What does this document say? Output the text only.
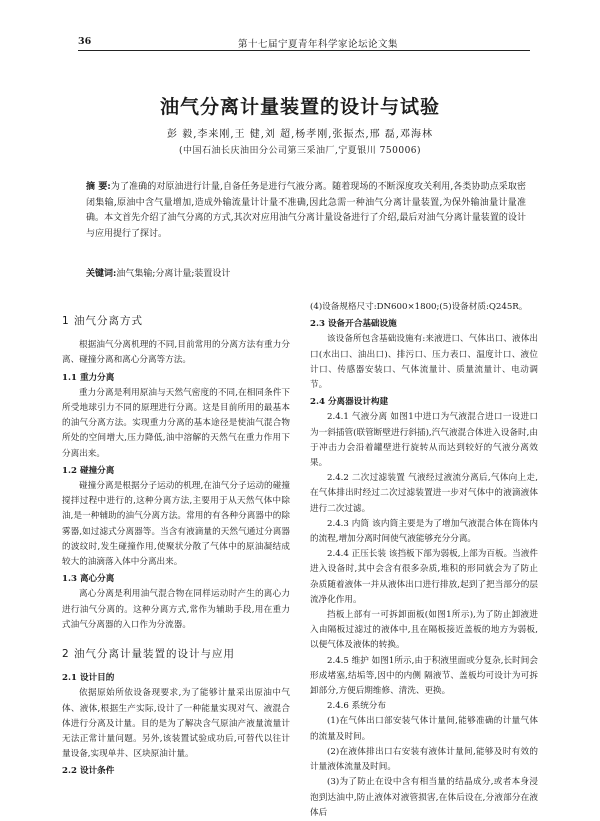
36	第十七届宁夏青年科学家论坛论文集
油气分离计量装置的设计与试验
彭 毅,李来刚,王 健,刘 超,杨孝刚,张振杰,邢 磊,邓海林
(中国石油长庆油田分公司第三采油厂,宁夏银川 750006)
摘 要:为了准确的对原油进行计量,自备任务是进行气液分离。随着现场的不断深度攻关利用,各类协助点采取密闭集输,原油中含气量增加,造成外输流量计计量不准确,因此急需一种油气分离计量装置,为保外输油量计量准确。本文首先介绍了油气分离的方式,其次对应用油气分离计量设备进行了介绍,最后对油气分离计量装置的设计与应用提行了探讨。
关键词:油气集输;分离计量;装置设计
1 油气分离方式

根据油气分离机理的不同,目前常用的分离方法有重力分离、碰撞分离和离心分离等方法。

1.1 重力分离

重力分离是利用原油与天然气密度的不同,在相同条件下所受地球引力不同的原理进行分离。这是目前所用的最基本的油气分离方法。实现重力分离的基本途径是使油气混合物所处的空间增大,压力降低,油中溶解的天然气在重力作用下分离出来。

1.2 碰撞分离

碰撞分离是根据分子运动的机理,在油气分子运动的碰撞搅拌过程中进行的,这种分离方法,主要用于从天然气体中除油,是一种辅助的油气分离方法。常用的有各种分离器中的除雾器,如过滤式分离器等。当含有液滴量的天然气通过分离器的波纹时,发生碰撞作用,使聚状分散了气体中的原油凝结成较大的油滴落入体中分离出来。

1.3 离心分离

离心分离是利用油气混合物在同样运动时产生的离心力进行油气分离的。这种分离方式,常作为辅助手段,用在重力式油气分离器的入口作为分流器。

2 油气分离计量装置的设计与应用
2.1 设计目的

依据原始所依设备现要求,为了能够计量采出原油中气体、液体,根据生产实际,设计了一种能量实现对气、液混合体进行分离及计量。目的是为了解决含气原油产液量流量计无法正常计量问题。另外,该装置试验成功后,可替代以往计量设备,实现单井、区块原油计量。

2.2 设计条件

(4)设备规格尺寸:DN600×1800;(5)设备材质:Q245R。

2.3 设备开合基础设施

该设备所包含基础设施有:来液进口、气体出口、液体出口(水出口、油出口)、排污口、压力表口、温度计口、液位计口、传感器安装口、气体流量计、质量流量计、电动调节。

2.4 分离器设计构建

2.4.1 气液分离 如图1中进口为气液混合进口一设进口为一斜插管(联管断壁进行斜插),汽气液混合体进入设备时,由于冲击力会沿着罐壁进行旋转从而达到较好的气液分离效果。

2.4.2 二次过滤装置 气液经过液流分离后,气体向上走,在气体排出时经过二次过滤装置进一步对气体中的液滴液体进行二次过滤。

2.4.3 内筒 该内筒主要是为了增加气液混合体在筒体内的流程,增加分离时间使气液能够充分分离。

2.4.4 正压长装 该挡板下部为弱板,上部为百板。当液件进入设备时,其中会含有很多杂质,堆积的形同就会为了防止杂质随着液体一并从液体出口进行排放,起到了把当部分的层流净化作用。

挡板上部有一可拆卸面板(如图1所示),为了防止卸液进入由隔板过滤过的液体中,且在隔板接近盖板的地方为弱板,以便气体及液体的转换。

2.4.5 维护 如图1所示,由于积液里面或分复杂,长时间会形成堵塞,结垢等,因中的内侧 隔液节、盖板均可设计为可拆卸部分,方便后期维修、清洗、更换。

2.4.6 系统分布

(1)在气体出口部安装气体计量间,能够准确的计量气体的流量及时间。

(2)在液体排出口右安装有液体计量间,能够及时有效的计量液体流量及时间。

(3)为了防止在设中含有相当量的结晶成分,或者本身浸泡到达油中,防止液体对液管损害,在体后设在,分液部分在液体后
